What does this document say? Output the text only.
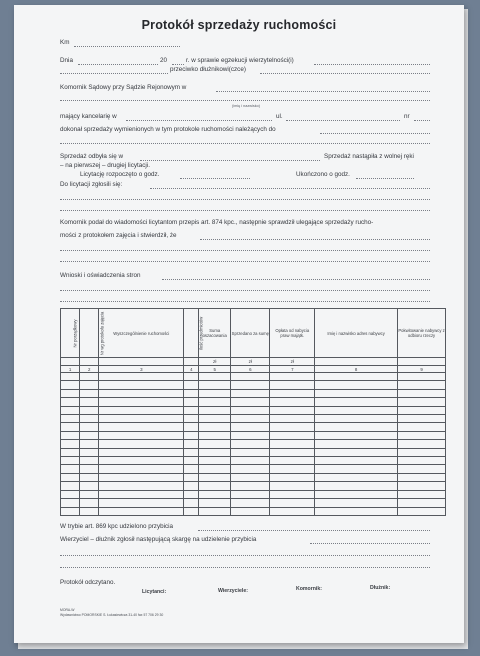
Protokół sprzedaży ruchomości
Km
Dnia	20	r. w sprawie egzekucji wierzytelności(i)
przeciwko dłużnikowi(czce)
Komornik Sądowy przy Sądzie Rejonowym w
(imię i nazwisko)
mający kancelarię w	ul.	nr
dokonał sprzedaży wymienionych w tym protokole ruchomości należących do
Sprzedaż odbyła się w	Sprzedaż nastąpiła z wolnej ręki
– na pierwszej – drugiej licytacji.
Licytację rozpoczęto o godz.	Ukończono o godz.
Do licytacji zgłosili się:
Komornik podał do wiadomości licytantom przepis art. 874 kpc., następnie sprawdził ulegające sprzedaży rucho-
mości z protokołem zajęcia i stwierdził, że
Wnioski i oświadczenia stron
Nr porządkowy	Nr wg protokołu zajęcia	Wyszczególnienie ruchomości	Ilość przedmiotów	Suma oszacowania	Sprzedano za sumę	Opłata od nabycia praw majątk.	Imię i nazwisko adres nabywcy	Pokwitowanie nabywcy z odbioru rzeczy
				zł	zł	zł		
1	2	3	4	5	6	7	8	9

W trybie art. 869 kpc udzielono przybicia
Wierzyciel – dłużnik zgłosił następującą skargę na udzielenie przybicia
Protokół odczytano.
Licytanci:	Wierzyciele:	Komornik:	Dłużnik:
MORA-W
Wydawnictwo POMORSKIE S. Łukasiewicza 31-40 fax 57 706 29 30
